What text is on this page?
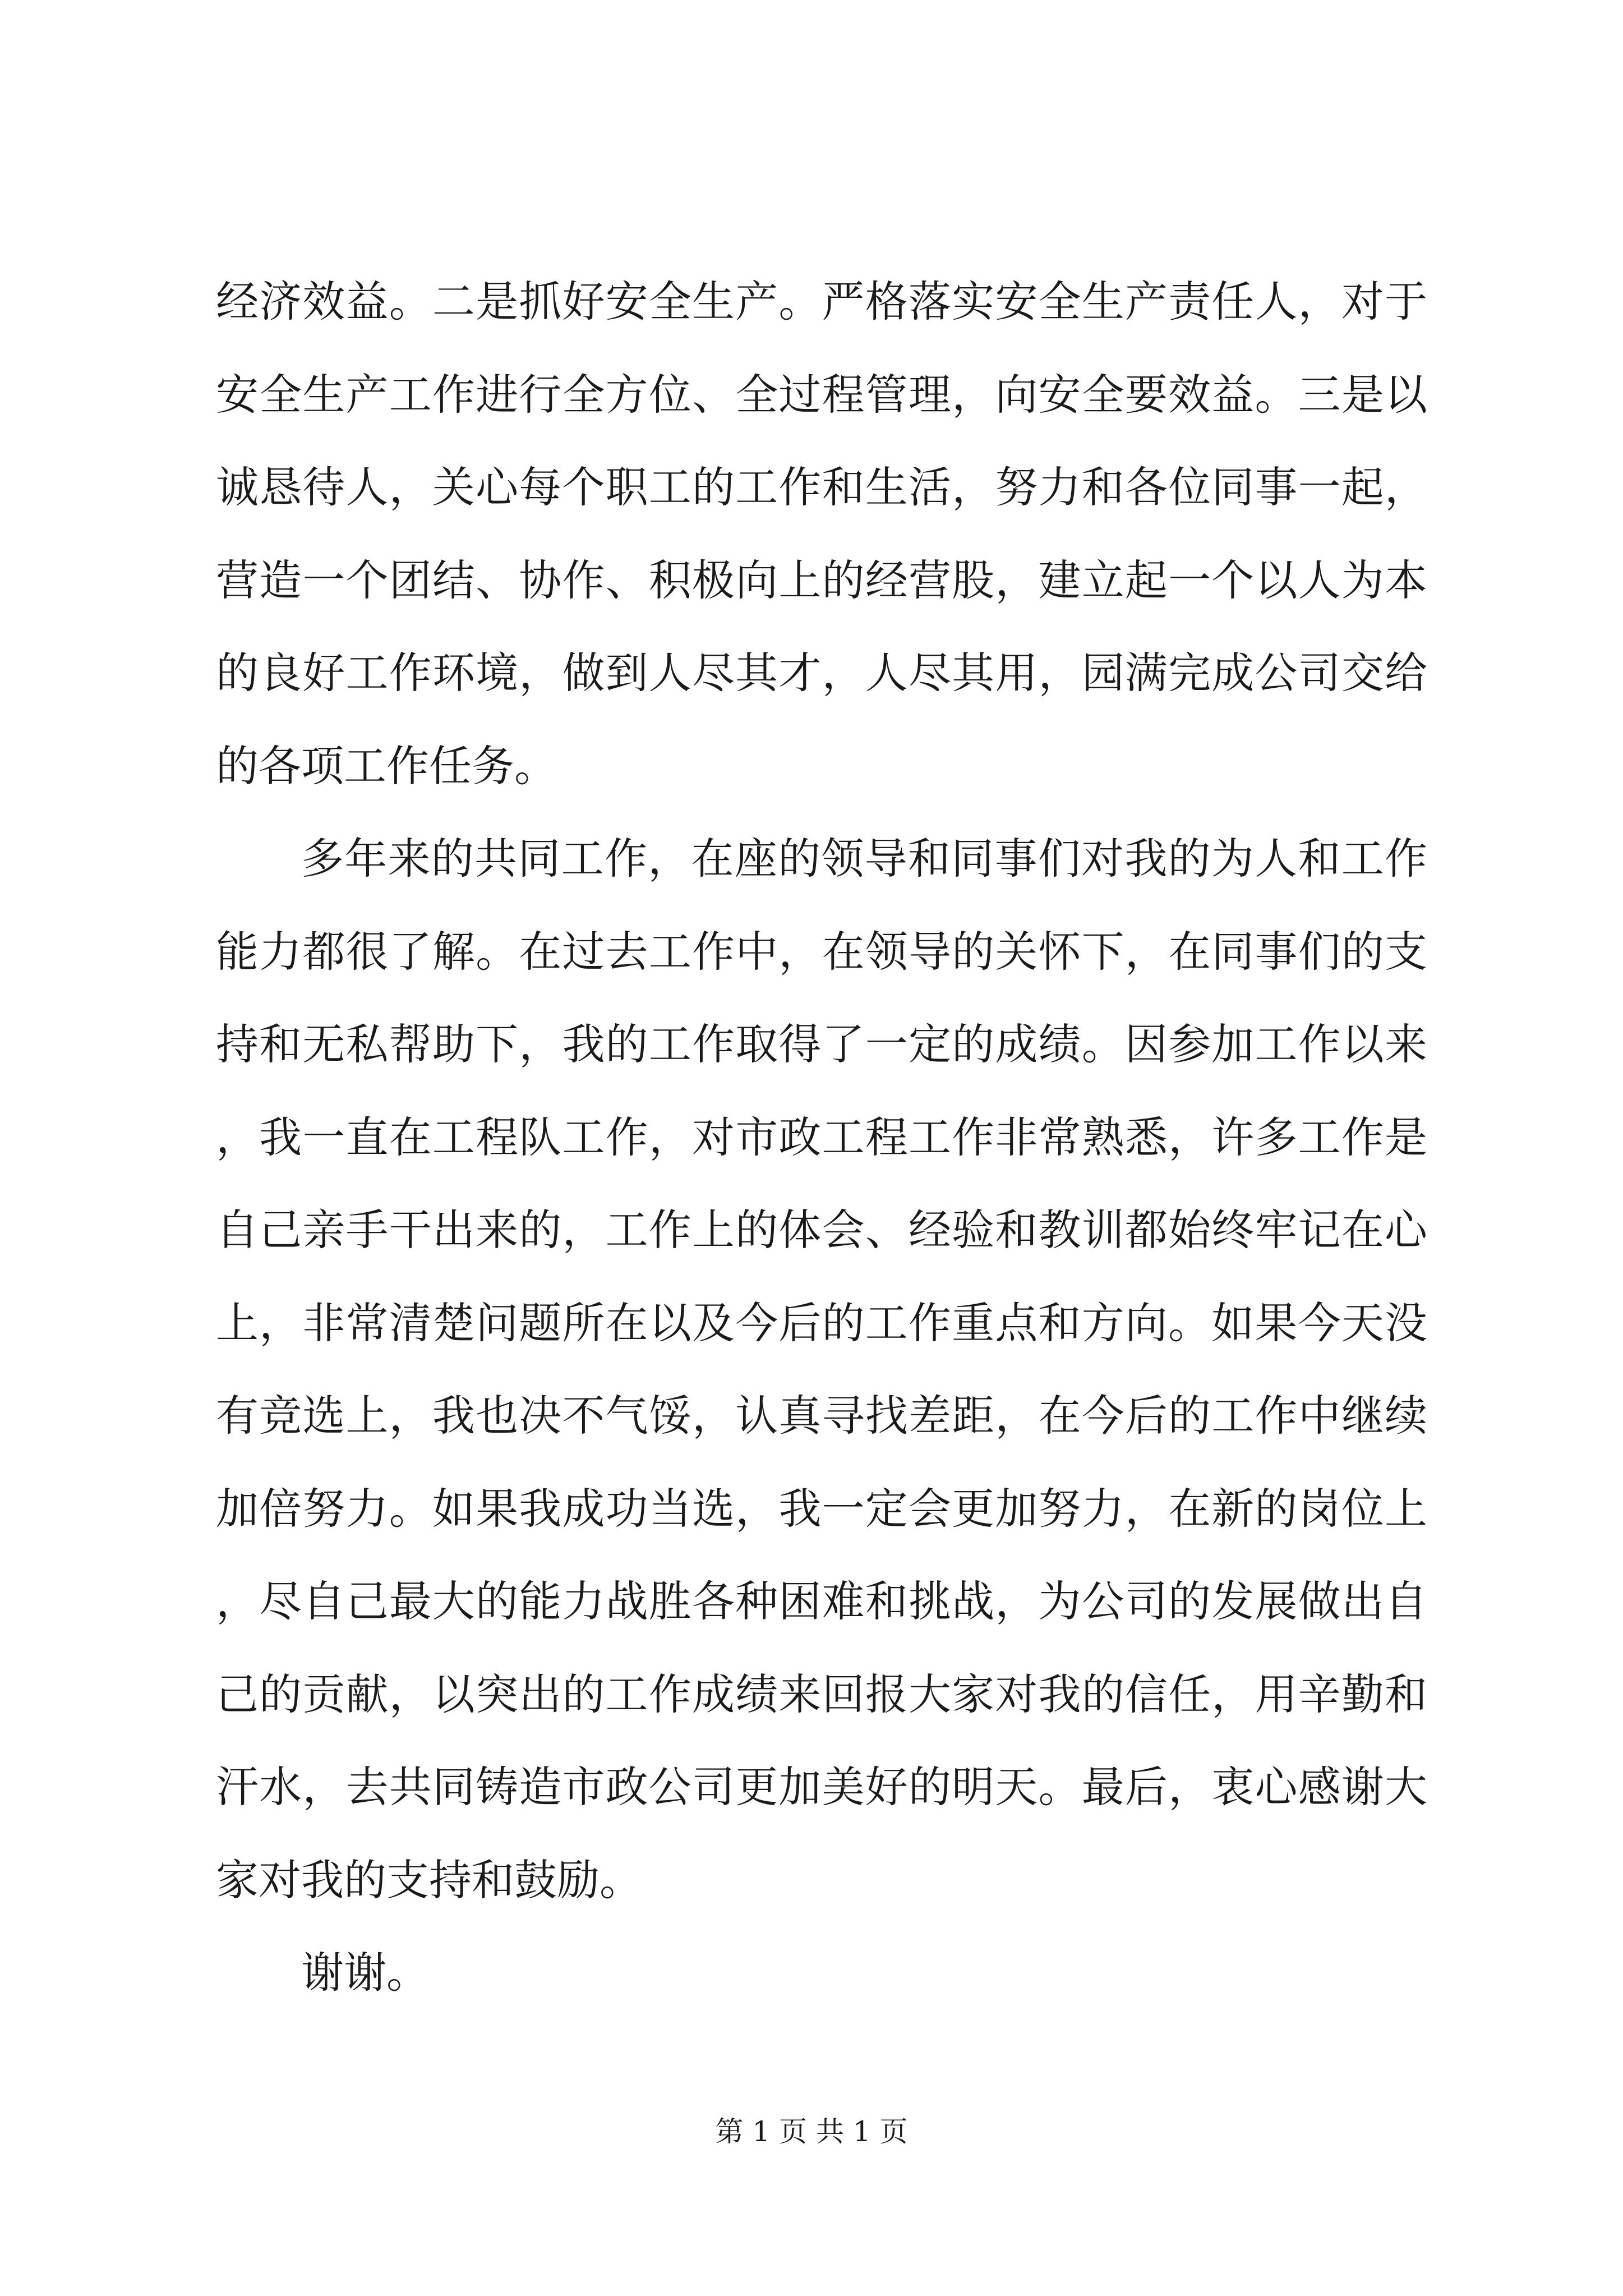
经济效益。二是抓好安全生产。严格落实安全生产责任人，对于安全生产工作进行全方位、全过程管理，向安全要效益。三是以诚恳待人，关心每个职工的工作和生活，努力和各位同事一起，营造一个团结、协作、积极向上的经营股，建立起一个以人为本的良好工作环境，做到人尽其才，人尽其用，园满完成公司交给的各项工作任务。

多年来的共同工作，在座的领导和同事们对我的为人和工作能力都很了解。在过去工作中，在领导的关怀下，在同事们的支持和无私帮助下，我的工作取得了一定的成绩。因参加工作以来，我一直在工程队工作，对市政工程工作非常熟悉，许多工作是自己亲手干出来的，工作上的体会、经验和教训都始终牢记在心上，非常清楚问题所在以及今后的工作重点和方向。如果今天没有竞选上，我也决不气馁，认真寻找差距，在今后的工作中继续加倍努力。如果我成功当选，我一定会更加努力，在新的岗位上，尽自己最大的能力战胜各种困难和挑战，为公司的发展做出自己的贡献，以突出的工作成绩来回报大家对我的信任，用辛勤和汗水，去共同铸造市政公司更加美好的明天。最后，衷心感谢大家对我的支持和鼓励。

谢谢。

第 1 页 共 1 页
